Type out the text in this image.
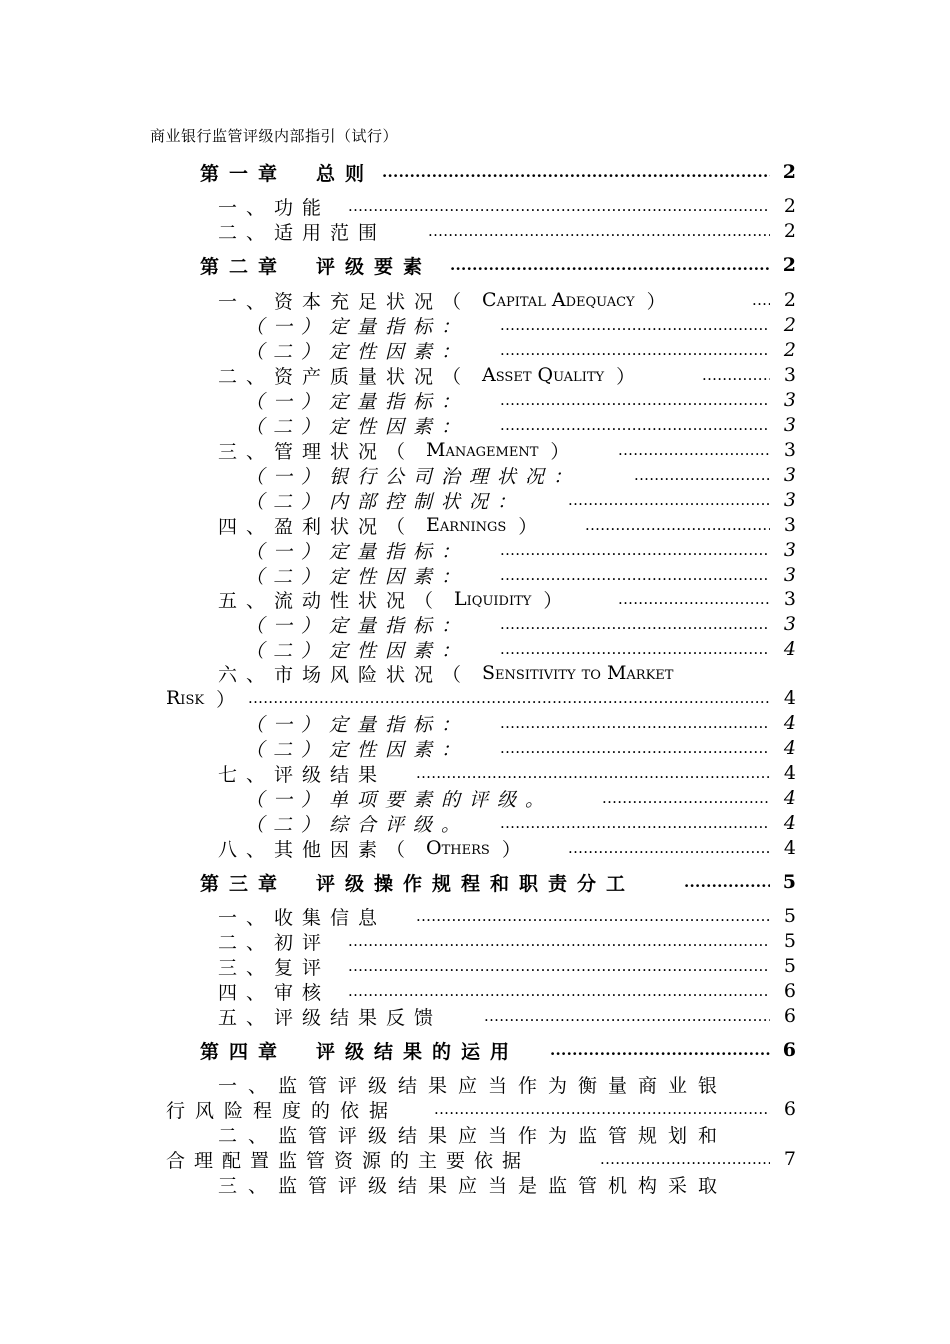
商业银行监管评级内部指引（试行）
第一章　总则 .....	2
一、功能 .....	2
二、适用范围 .....	2
第二章　评级要素 .....	2
一、资本充足状况 （ Capital Adequacy ） .....	2
（一）定量指标： .....	2
（二）定性因素： .....	2
二、资产质量状况 （ Asset Quality ） .....	3
（一）定量指标： .....	3
（二）定性因素： .....	3
三、管理状况 （ Management ） .....	3
（一）银行公司治理状况： .....	3
（二）内部控制状况： .....	3
四、盈利状况 （ Earnings ） .....	3
（一）定量指标： .....	3
（二）定性因素： .....	3
五、流动性状况 （ Liquidity ） .....	3
（一）定量指标： .....	3
（二）定性因素： .....	4
六、市场风险状况 （ Sensitivity to Market
Risk ） .....	4
（一）定量指标： .....	4
（二）定性因素： .....	4
七、评级结果 .....	4
（一）单项要素的评级。 .....	4
（二）综合评级。 .....	4
八、其他因素 （ Others ） .....	4
第三章　评级操作规程和职责分工 .....	5
一、收集信息 .....	5
二、初评 .....	5
三、复评 .....	5
四、审核 .....	6
五、评级结果反馈 .....	6
第四章　评级结果的运用 .....	6
一、监管评级结果应当作为衡量商业银
行风险程度的依据 .....	6
二、监管评级结果应当作为监管规划和
合理配置监管资源的主要依据 .....	7
三、监管评级结果应当是监管机构采取
